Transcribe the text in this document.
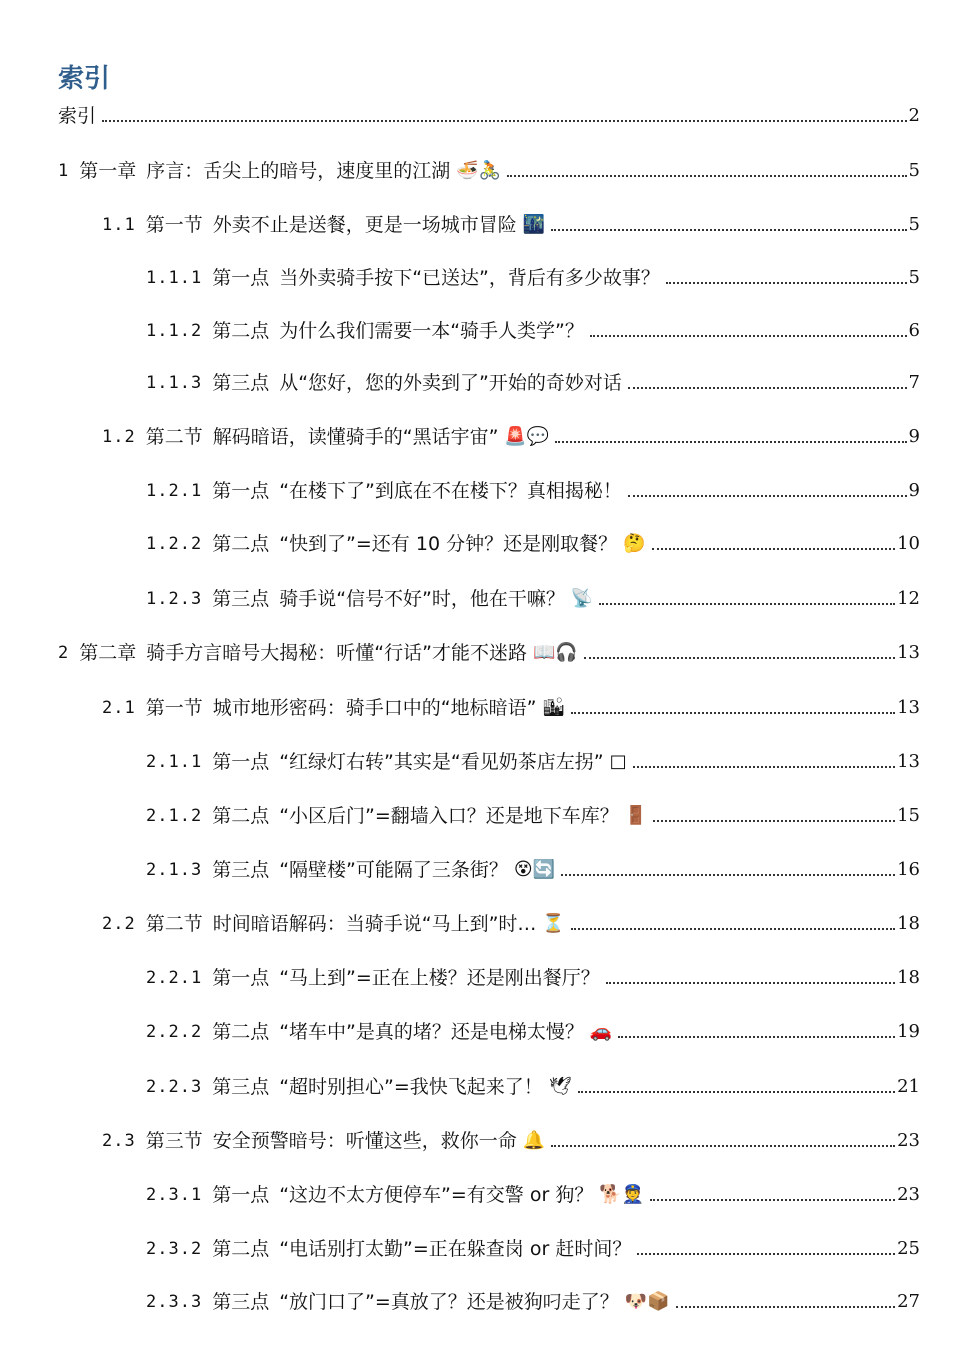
索引
索引	2
1 第一章 序言：舌尖上的暗号，速度里的江湖 🍜🚴	5
1.1 第一节 外卖不止是送餐，更是一场城市冒险 🌃	5
1.1.1 第一点 当外卖骑手按下“已送达”，背后有多少故事？	5
1.1.2 第二点 为什么我们需要一本“骑手人类学”？	6
1.1.3 第三点 从“您好，您的外卖到了”开始的奇妙对话	7
1.2 第二节 解码暗语，读懂骑手的“黑话宇宙” 🚨💬	9
1.2.1 第一点 “在楼下了”到底在不在楼下？真相揭秘！	9
1.2.2 第二点 “快到了”=还有 10 分钟？还是刚取餐？ 🤔	10
1.2.3 第三点 骑手说“信号不好”时，他在干嘛？ 📡	12
2 第二章 骑手方言暗号大揭秘：听懂“行话”才能不迷路 📖🎧	13
2.1 第一节 城市地形密码：骑手口中的“地标暗语” 🏙	13
2.1.1 第一点 “红绿灯右转”其实是“看见奶茶店左拐” □	13
2.1.2 第二点 “小区后门”=翻墙入口？还是地下车库？ 🚪	15
2.1.3 第三点 “隔壁楼”可能隔了三条街？ 😵🔄	16
2.2 第二节 时间暗语解码：当骑手说“马上到”时… ⏳	18
2.2.1 第一点 “马上到”=正在上楼？还是刚出餐厅？	18
2.2.2 第二点 “堵车中”是真的堵？还是电梯太慢？ 🚗	19
2.2.3 第三点 “超时别担心”=我快飞起来了！ 🕊	21
2.3 第三节 安全预警暗号：听懂这些，救你一命 🔔	23
2.3.1 第一点 “这边不太方便停车”=有交警 or 狗？ 🐕👮	23
2.3.2 第二点 “电话别打太勤”=正在躲查岗 or 赶时间？	25
2.3.3 第三点 “放门口了”=真放了？还是被狗叼走了？ 🐶📦	27
